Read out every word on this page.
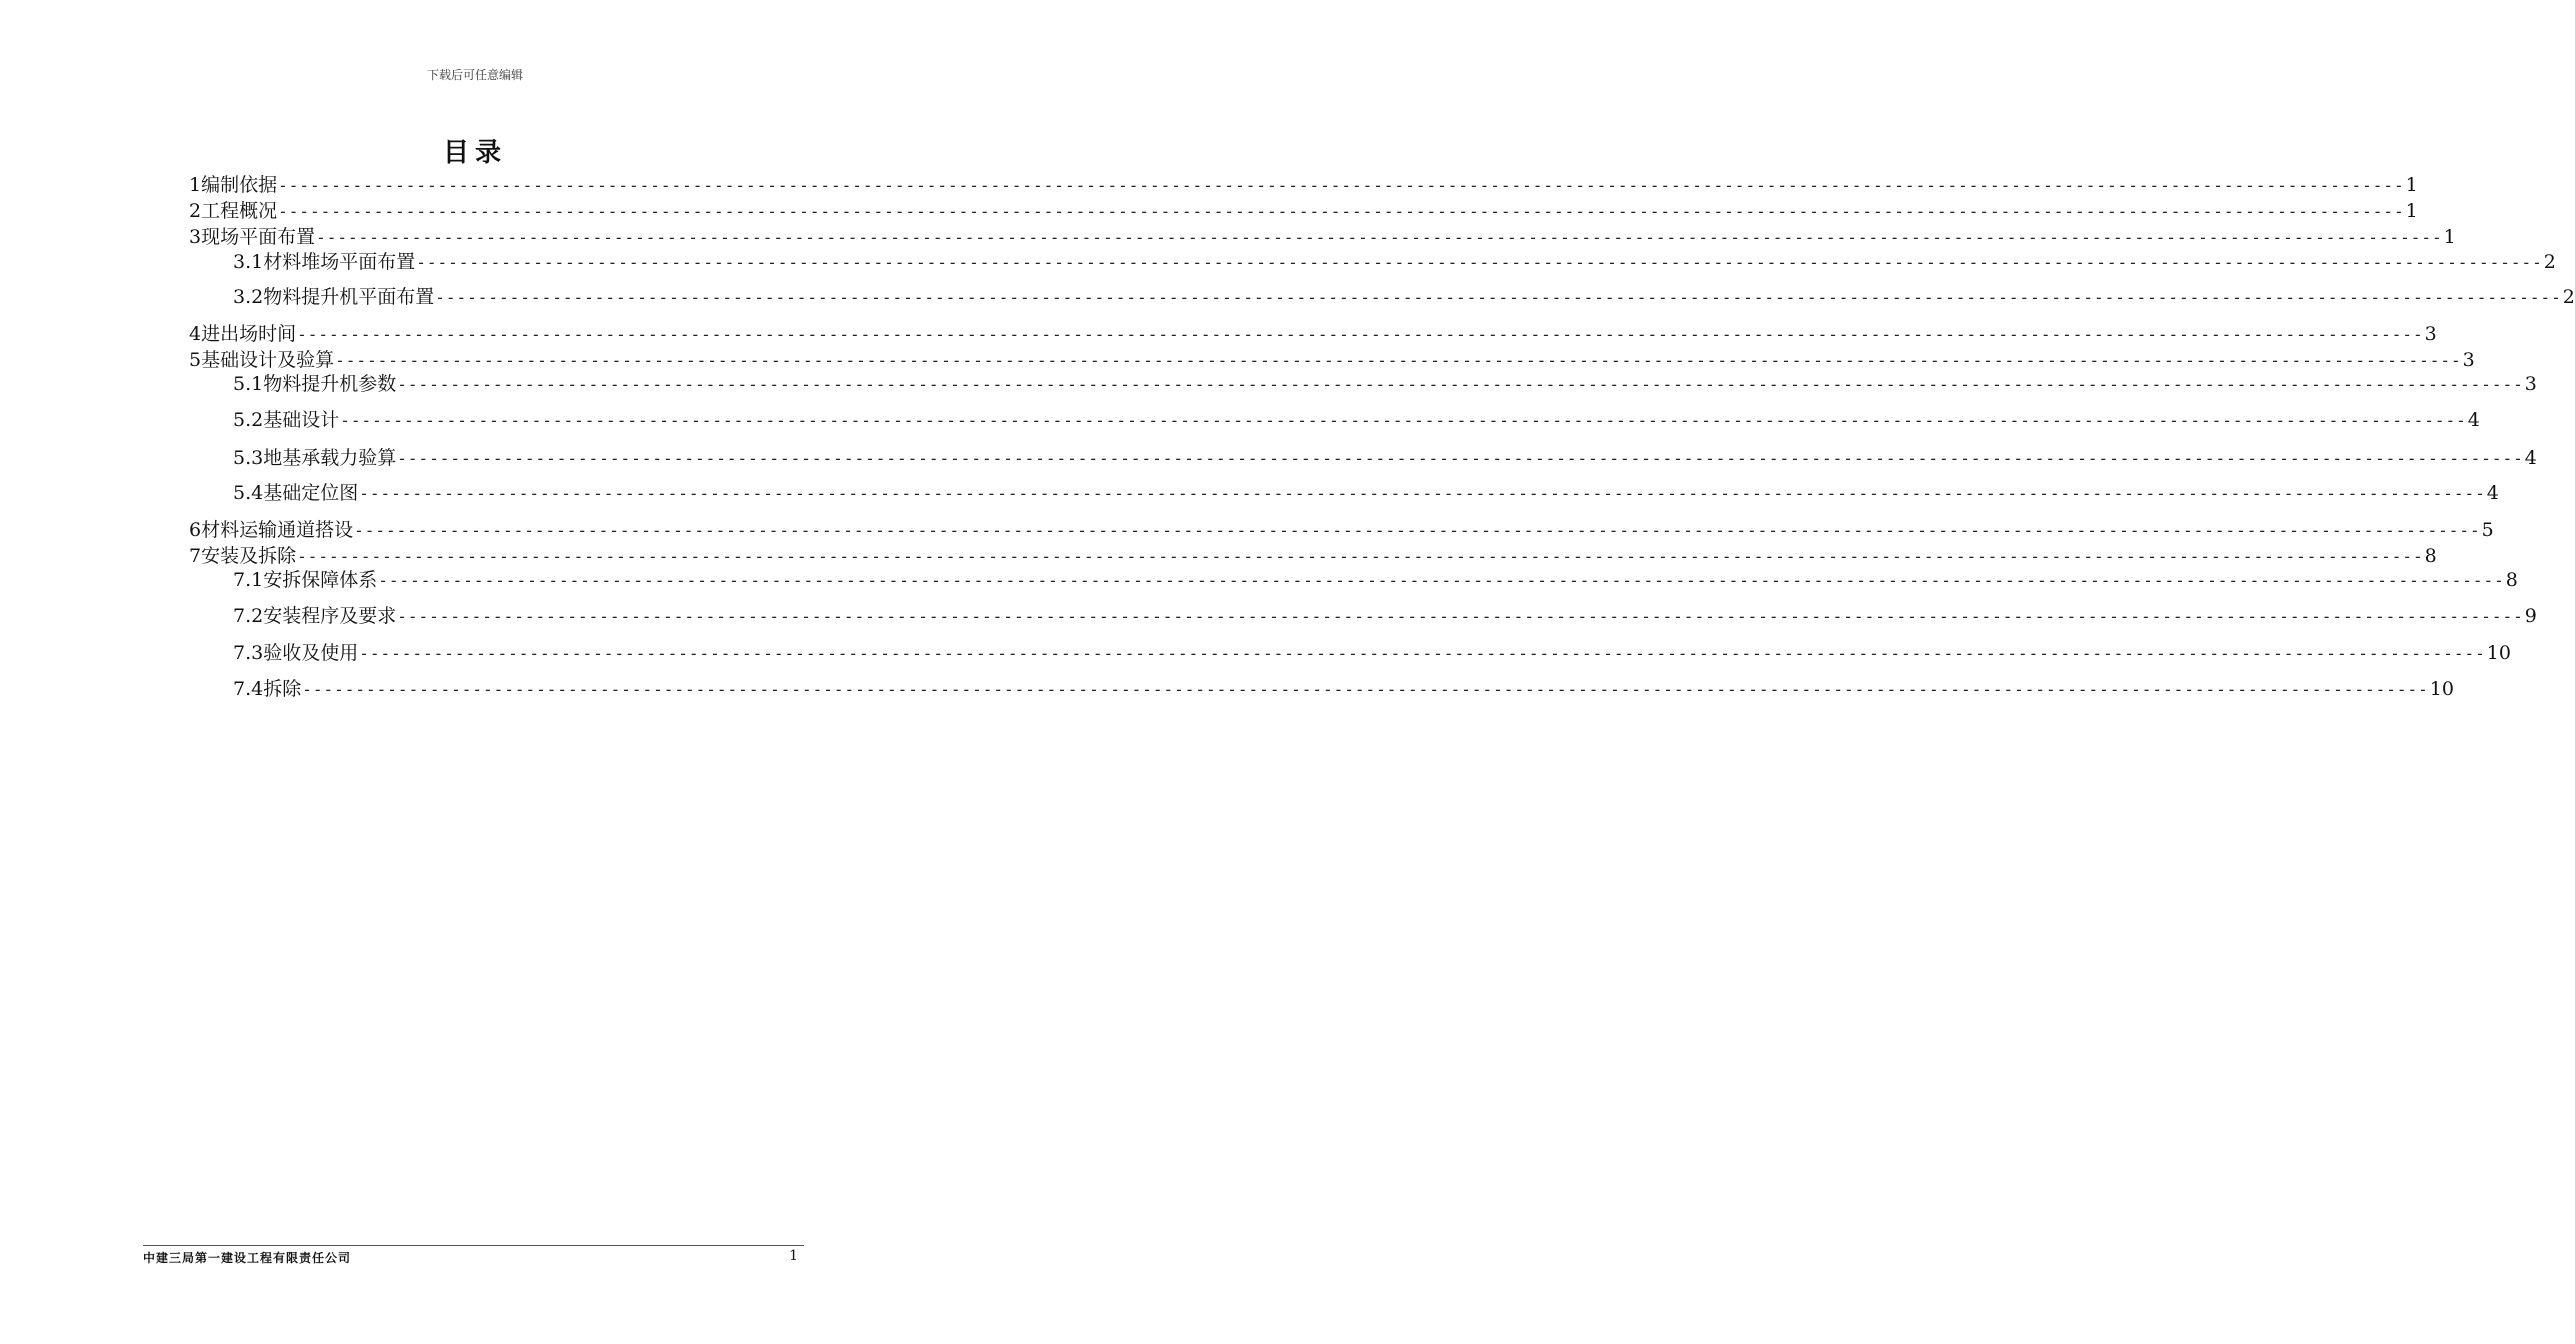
下载后可任意编辑
目录
1 编制依据 -------------------------------------------------------------------------------------------------------------------------------------------------------------------------------------------------------- 1
2 工程概况 -------------------------------------------------------------------------------------------------------------------------------------------------------------------------------------------------------- 1
3 现场平面布置 -------------------------------------------------------------------------------------------------------------------------------------------------------------------------------------------------------- 1
3.1 材料堆场平面布置 -------------------------------------------------------------------------------------------------------------------------------------------------------------------------------------------------------- 2
3.2 物料提升机平面布置 -------------------------------------------------------------------------------------------------------------------------------------------------------------------------------------------------------- 2
4 进出场时间 -------------------------------------------------------------------------------------------------------------------------------------------------------------------------------------------------------- 3
5 基础设计及验算 -------------------------------------------------------------------------------------------------------------------------------------------------------------------------------------------------------- 3
5.1 物料提升机参数 -------------------------------------------------------------------------------------------------------------------------------------------------------------------------------------------------------- 3
5.2 基础设计 -------------------------------------------------------------------------------------------------------------------------------------------------------------------------------------------------------- 4
5.3 地基承载力验算 -------------------------------------------------------------------------------------------------------------------------------------------------------------------------------------------------------- 4
5.4 基础定位图 -------------------------------------------------------------------------------------------------------------------------------------------------------------------------------------------------------- 4
6 材料运输通道搭设 -------------------------------------------------------------------------------------------------------------------------------------------------------------------------------------------------------- 5
7 安装及拆除 -------------------------------------------------------------------------------------------------------------------------------------------------------------------------------------------------------- 8
7.1 安拆保障体系 -------------------------------------------------------------------------------------------------------------------------------------------------------------------------------------------------------- 8
7.2 安装程序及要求 -------------------------------------------------------------------------------------------------------------------------------------------------------------------------------------------------------- 9
7.3 验收及使用 -------------------------------------------------------------------------------------------------------------------------------------------------------------------------------------------------------- 10
7.4 拆除 -------------------------------------------------------------------------------------------------------------------------------------------------------------------------------------------------------- 10
中建三局第一建设工程有限责任公司	1
